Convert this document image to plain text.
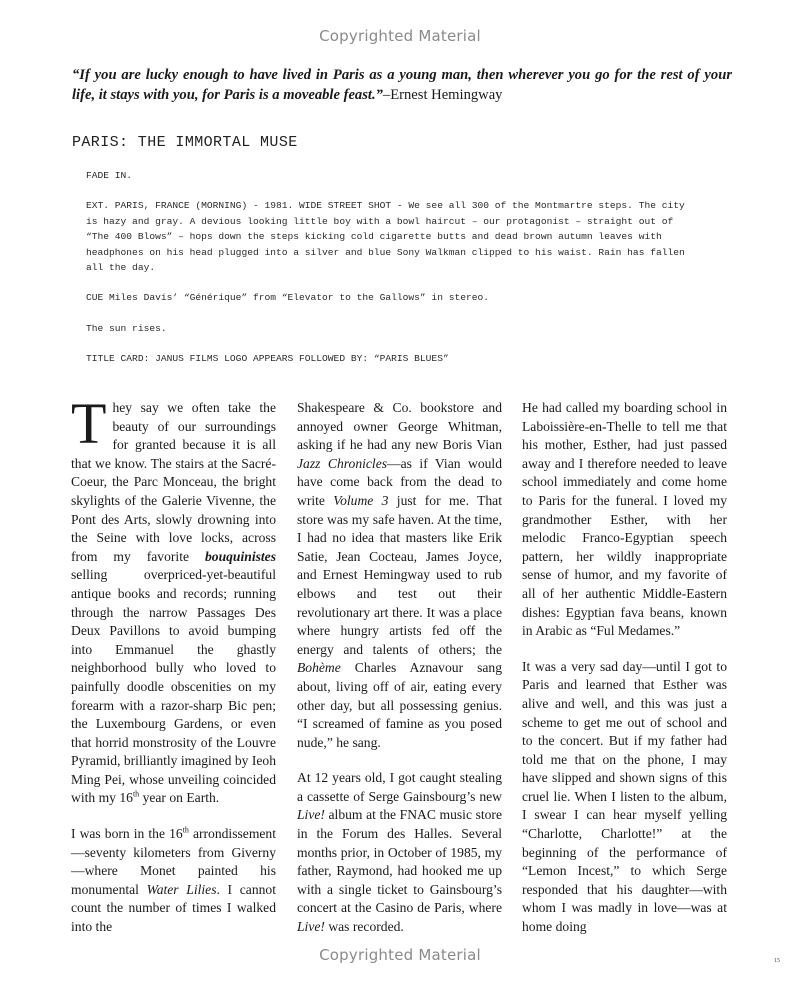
Copyrighted Material
“If you are lucky enough to have lived in Paris as a young man, then wherever you go for the rest of your life, it stays with you, for Paris is a moveable feast.”–Ernest Hemingway
PARIS: THE IMMORTAL MUSE

FADE IN.

EXT. PARIS, FRANCE (MORNING) - 1981. WIDE STREET SHOT - We see all 300 of the Montmartre steps. The city is hazy and gray. A devious looking little boy with a bowl haircut – our protagonist – straight out of “The 400 Blows” – hops down the steps kicking cold cigarette butts and dead brown autumn leaves with headphones on his head plugged into a silver and blue Sony Walkman clipped to his waist. Rain has fallen all the day.

CUE Miles Davis’ “Générique” from “Elevator to the Gallows” in stereo.

The sun rises.

TITLE CARD: JANUS FILMS LOGO APPEARS FOLLOWED BY: “PARIS BLUES”

They say we often take the beauty of our surroundings for granted because it is all that we know. The stairs at the Sacré-Coeur, the Parc Monceau, the bright skylights of the Galerie Vivenne, the Pont des Arts, slowly drowning into the Seine with love locks, across from my favorite bouquinistes selling overpriced-yet-beautiful antique books and records; running through the narrow Passages Des Deux Pavillons to avoid bumping into Emmanuel the ghastly neighborhood bully who loved to painfully doodle obscenities on my forearm with a razor-sharp Bic pen; the Luxembourg Gardens, or even that horrid monstrosity of the Louvre Pyramid, brilliantly imagined by Ieoh Ming Pei, whose unveiling coincided with my 16th year on Earth.

I was born in the 16th arrondissement —seventy kilometers from Giverny—where Monet painted his monumental Water Lilies. I cannot count the number of times I walked into the

Shakespeare & Co. bookstore and annoyed owner George Whitman, asking if he had any new Boris Vian Jazz Chronicles—as if Vian would have come back from the dead to write Volume 3 just for me. That store was my safe haven. At the time, I had no idea that masters like Erik Satie, Jean Cocteau, James Joyce, and Ernest Hemingway used to rub elbows and test out their revolutionary art there. It was a place where hungry artists fed off the energy and talents of others; the Bohème Charles Aznavour sang about, living off of air, eating every other day, but all possessing genius. “I screamed of famine as you posed nude,” he sang.

At 12 years old, I got caught stealing a cassette of Serge Gainsbourg’s new Live! album at the FNAC music store in the Forum des Halles. Several months prior, in October of 1985, my father, Raymond, had hooked me up with a single ticket to Gainsbourg’s concert at the Casino de Paris, where Live! was recorded.

He had called my boarding school in Laboissière-en-Thelle to tell me that his mother, Esther, had just passed away and I therefore needed to leave school immediately and come home to Paris for the funeral. I loved my grandmother Esther, with her melodic Franco-Egyptian speech pattern, her wildly inappropriate sense of humor, and my favorite of all of her authentic Middle-Eastern dishes: Egyptian fava beans, known in Arabic as “Ful Medames.”

It was a very sad day—until I got to Paris and learned that Esther was alive and well, and this was just a scheme to get me out of school and to the concert. But if my father had told me that on the phone, I may have slipped and shown signs of this cruel lie. When I listen to the album, I swear I can hear myself yelling “Charlotte, Charlotte!” at the beginning of the performance of “Lemon Incest,” to which Serge responded that his daughter—with whom I was madly in love—was at home doing

Copyrighted Material	15
